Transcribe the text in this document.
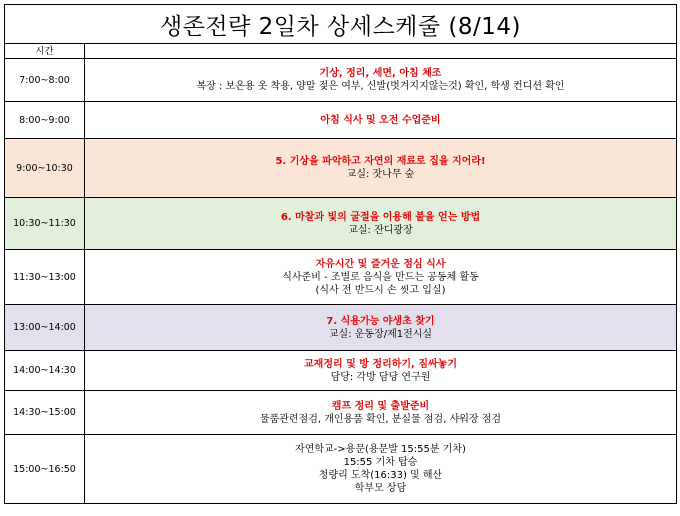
생존전략 2일차 상세스케줄 (8/14)	
시간	
7:00~8:00	기상, 정리, 세면, 아침 체조
복장 : 보온용 옷 착용, 양말 젖은 여부, 신발(벗겨지지않는것) 확인, 학생 컨디션 확인

8:00~9:00	아침 식사 및 오전 수업준비

9:00~10:30	5. 기상을 파악하고 자연의 재료로 집을 지어라!
교실: 잣나무 숲

10:30~11:30	6. 마찰과 빛의 굴절을 이용해 불을 얻는 방법
교실: 잔디광장

11:30~13:00	자유시간 및 즐거운 점심 식사
식사준비 - 조별로 음식을 만드는 공동체 활동
(식사 전 반드시 손 씻고 입실)

13:00~14:00	7. 식용가능 야생초 찾기
교실: 운동장/제1전시실

14:00~14:30	교재정리 및 방 정리하기, 짐싸놓기
담당: 각방 담당 연구원

14:30~15:00	캠프 정리 및 출발준비
물품관련점검, 개인용품 확인, 분실물 점검, 샤워장 점검

15:00~16:50	자연학교->용문(용문발 15:55분 기차)
15:55 기차 탑승
청량리 도착(16:33) 및 해산
학부모 상담
